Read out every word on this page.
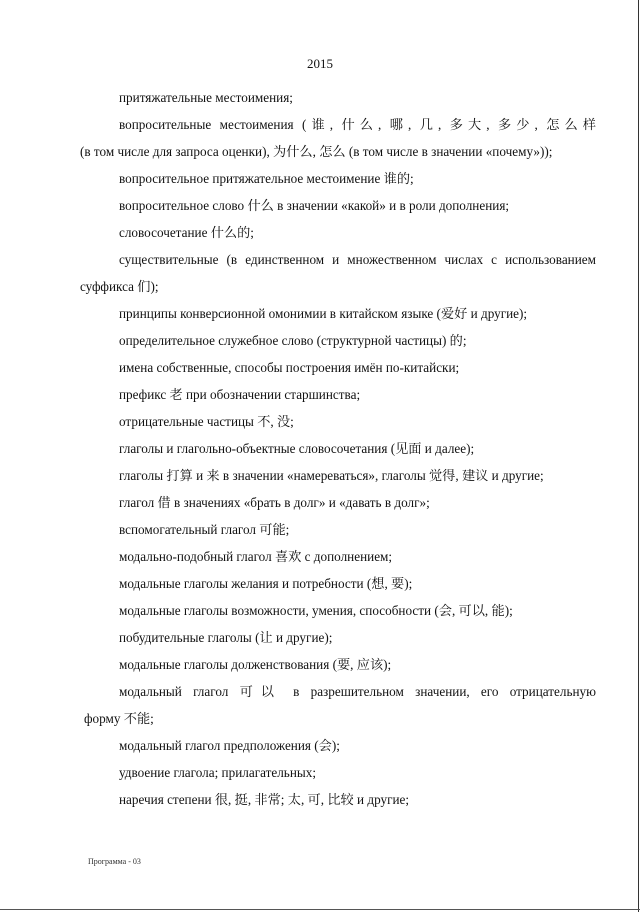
2015
притяжательные местоимения;
вопросительные местоимения (谁, 什么, 哪, 几, 多大, 多少, 怎么样
(в том числе для запроса оценки), 为什么, 怎么 (в том числе в значении «почему»));
вопросительное притяжательное местоимение 谁的;
вопросительное слово 什么 в значении «какой» и в роли дополнения;
словосочетание 什么的;
существительные (в единственном и множественном числах с использованием
суффикса 们);
принципы конверсионной омонимии в китайском языке (爱好 и другие);
определительное служебное слово (структурной частицы) 的;
имена собственные, способы построения имён по-китайски;
префикс 老 при обозначении старшинства;
отрицательные частицы 不, 没;
глаголы и глагольно-объектные словосочетания (见面 и далее);
глаголы 打算 и 来 в значении «намереваться», глаголы 觉得, 建议 и другие;
глагол 借 в значениях «брать в долг» и «давать в долг»;
вспомогательный глагол 可能;
модально-подобный глагол 喜欢 с дополнением;
модальные глаголы желания и потребности (想, 要);
модальные глаголы возможности, умения, способности (会, 可以, 能);
побудительные глаголы (让 и другие);
модальные глаголы долженствования (要, 应该);
модальный глагол 可以 в разрешительном значении, его отрицательную
форму 不能;
модальный глагол предположения (会);
удвоение глагола; прилагательных;
наречия степени 很, 挺, 非常; 太, 可, 比较 и другие;
Программа - 03
